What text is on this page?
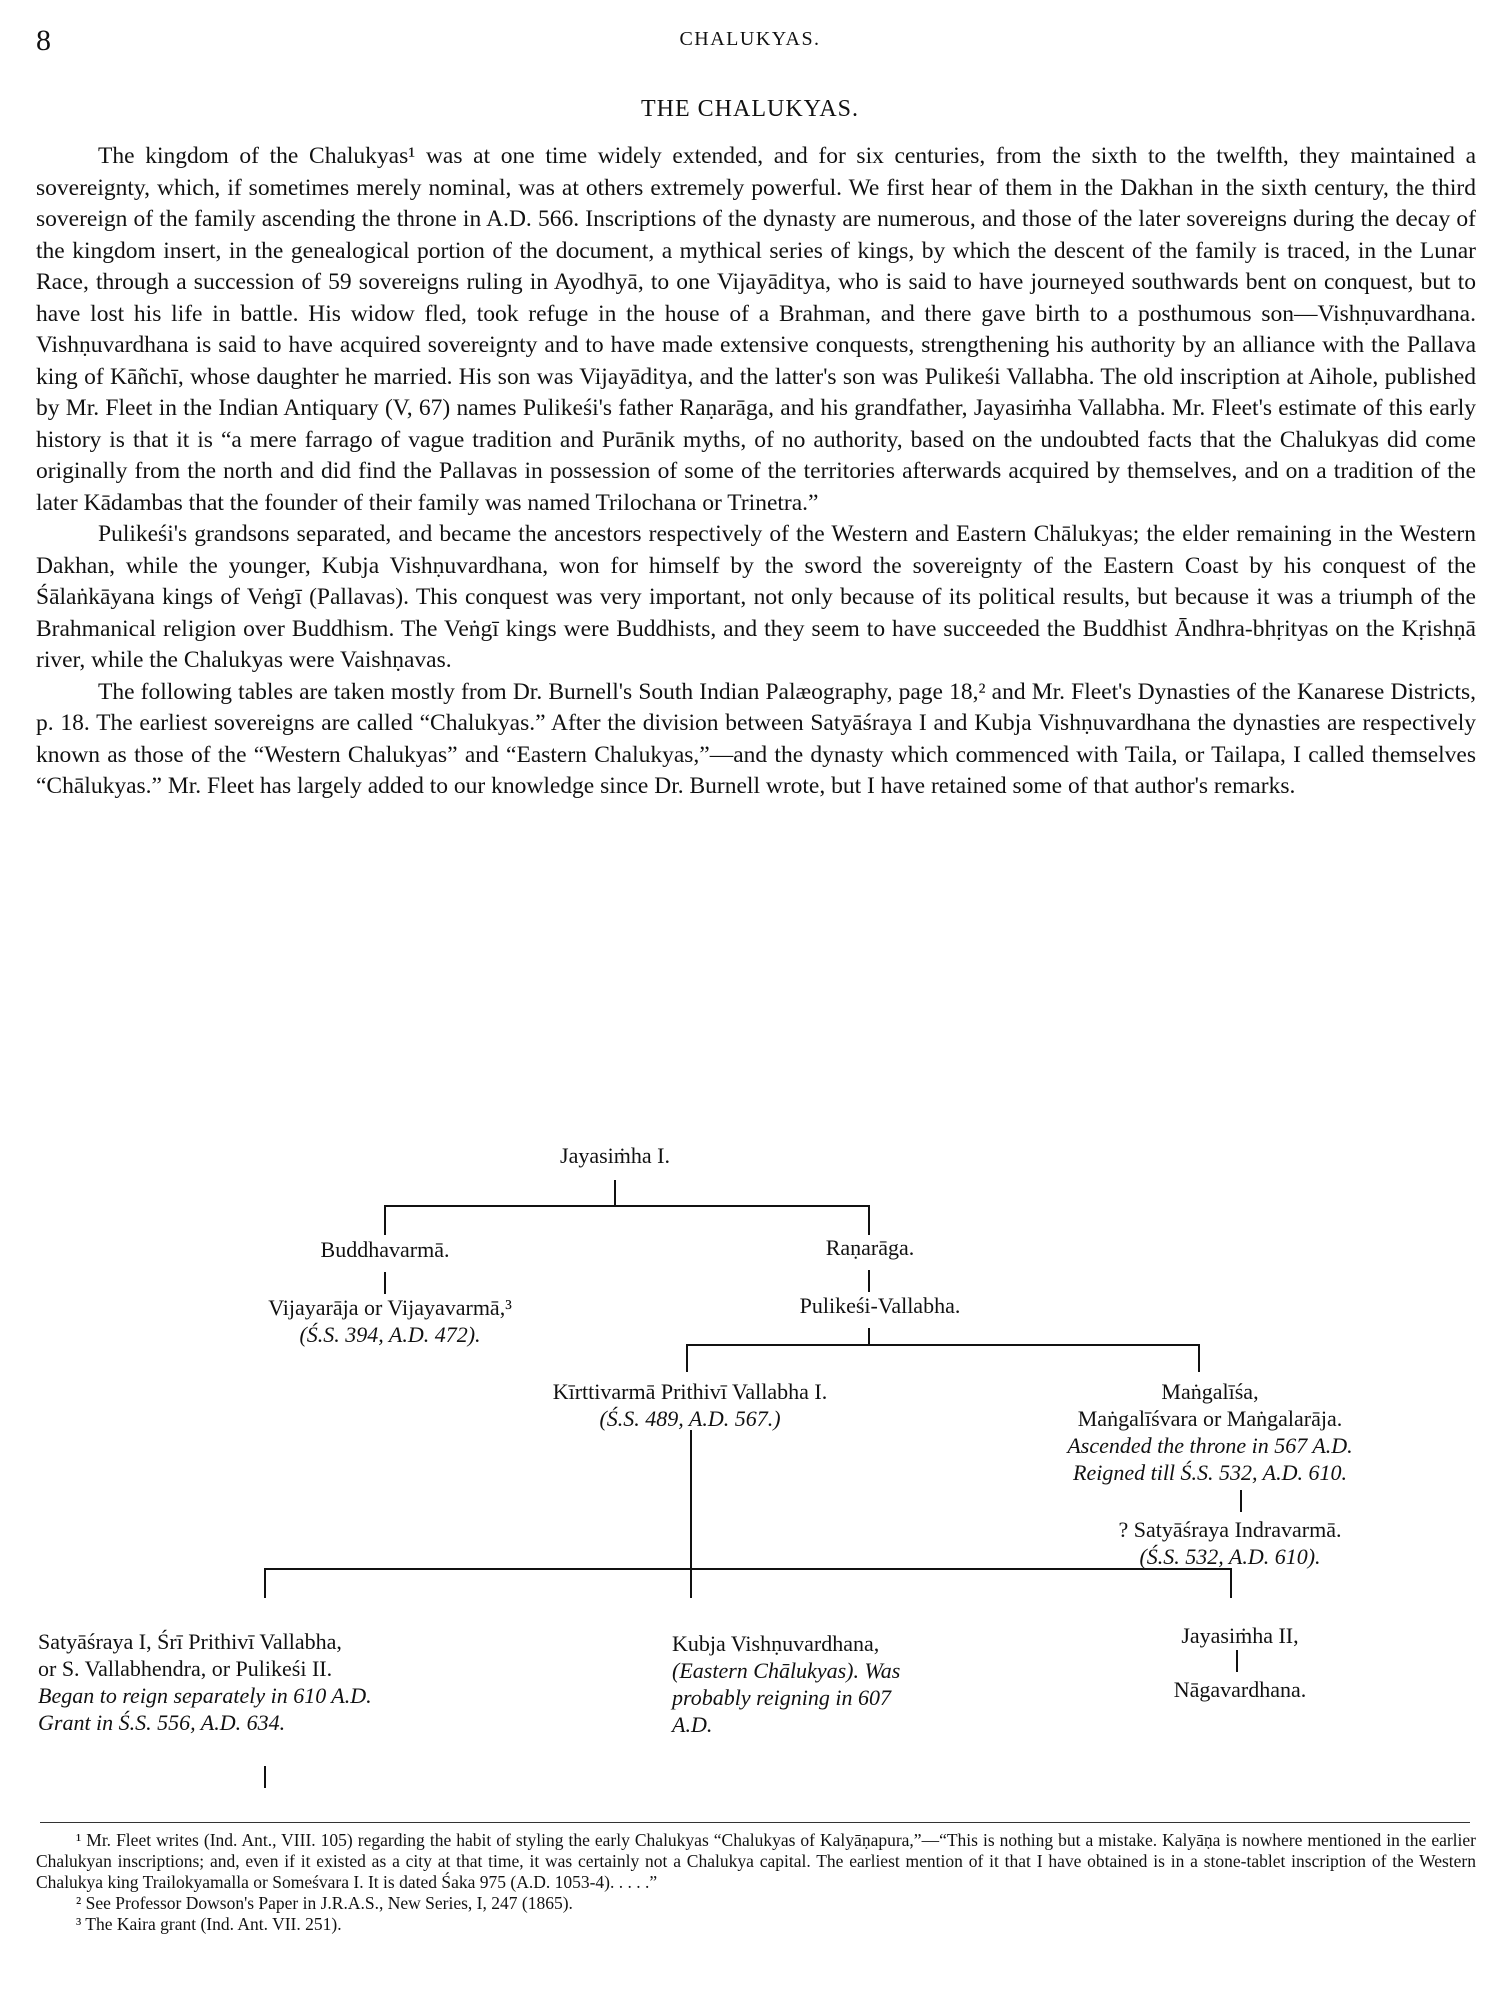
8	CHALUKYAS.
THE CHALUKYAS.

The kingdom of the Chalukyas¹ was at one time widely extended, and for six centuries, from the sixth to the twelfth, they maintained a sovereignty, which, if sometimes merely nominal, was at others extremely powerful. We first hear of them in the Dakhan in the sixth century, the third sovereign of the family ascending the throne in A.D. 566. Inscriptions of the dynasty are numerous, and those of the later sovereigns during the decay of the kingdom insert, in the genealogical portion of the document, a mythical series of kings, by which the descent of the family is traced, in the Lunar Race, through a succession of 59 sovereigns ruling in Ayodhyā, to one Vijayāditya, who is said to have journeyed southwards bent on conquest, but to have lost his life in battle. His widow fled, took refuge in the house of a Brahman, and there gave birth to a posthumous son—Vishṇuvardhana. Vishṇuvardhana is said to have acquired sovereignty and to have made extensive conquests, strengthening his authority by an alliance with the Pallava king of Kāñchī, whose daughter he married. His son was Vijayāditya, and the latter's son was Pulikeśi Vallabha. The old inscription at Aihole, published by Mr. Fleet in the Indian Antiquary (V, 67) names Pulikeśi's father Raṇarāga, and his grandfather, Jayasiṁha Vallabha. Mr. Fleet's estimate of this early history is that it is “a mere farrago of vague tradition and Purānik myths, of no authority, based on the undoubted facts that the Chalukyas did come originally from the north and did find the Pallavas in possession of some of the territories afterwards acquired by themselves, and on a tradition of the later Kādambas that the founder of their family was named Trilochana or Trinetra.”

Pulikeśi's grandsons separated, and became the ancestors respectively of the Western and Eastern Chālukyas; the elder remaining in the Western Dakhan, while the younger, Kubja Vishṇuvardhana, won for himself by the sword the sovereignty of the Eastern Coast by his conquest of the Śālaṅkāyana kings of Veṅgī (Pallavas). This conquest was very important, not only because of its political results, but because it was a triumph of the Brahmanical religion over Buddhism. The Veṅgī kings were Buddhists, and they seem to have succeeded the Buddhist Āndhra-bhṛityas on the Kṛishṇā river, while the Chalukyas were Vaishṇavas.

The following tables are taken mostly from Dr. Burnell's South Indian Palæography, page 18,² and Mr. Fleet's Dynasties of the Kanarese Districts, p. 18. The earliest sovereigns are called “Chalukyas.” After the division between Satyāśraya I and Kubja Vishṇuvardhana the dynasties are respectively known as those of the “Western Chalukyas” and “Eastern Chalukyas,”—and the dynasty which commenced with Taila, or Tailapa, I called themselves “Chālukyas.” Mr. Fleet has largely added to our knowledge since Dr. Burnell wrote, but I have retained some of that author's remarks.

Jayasiṁha I.
Buddhavarmā.
Vijayarāja or Vijayavarmā,³
(Ś.S. 394, A.D. 472).
Raṇarāga.
Pulikeśi-Vallabha.
Kīrttivarmā Prithivī Vallabha I.
(Ś.S. 489, A.D. 567.)
Maṅgalīśa,
Maṅgalīśvara or Maṅgalarāja.
Ascended the throne in 567 A.D.
Reigned till Ś.S. 532, A.D. 610.
? Satyāśraya Indravarmā.
(Ś.S. 532, A.D. 610).
Satyāśraya I, Śrī Prithivī Vallabha,
or S. Vallabhendra, or Pulikeśi II.
Began to reign separately in 610 A.D.
Grant in Ś.S. 556, A.D. 634.
Kubja Vishṇuvardhana,
(Eastern Chālukyas). Was
probably reigning in 607
A.D.
Jayasiṁha II,
Nāgavardhana.

¹ Mr. Fleet writes (Ind. Ant., VIII. 105) regarding the habit of styling the early Chalukyas “Chalukyas of Kalyāṇapura,”—“This is nothing but a mistake. Kalyāṇa is nowhere mentioned in the earlier Chalukyan inscriptions; and, even if it existed as a city at that time, it was certainly not a Chalukya capital. The earliest mention of it that I have obtained is in a stone-tablet inscription of the Western Chalukya king Trailokyamalla or Someśvara I. It is dated Śaka 975 (A.D. 1053-4). . . . .”

² See Professor Dowson's Paper in J.R.A.S., New Series, I, 247 (1865).

³ The Kaira grant (Ind. Ant. VII. 251).
